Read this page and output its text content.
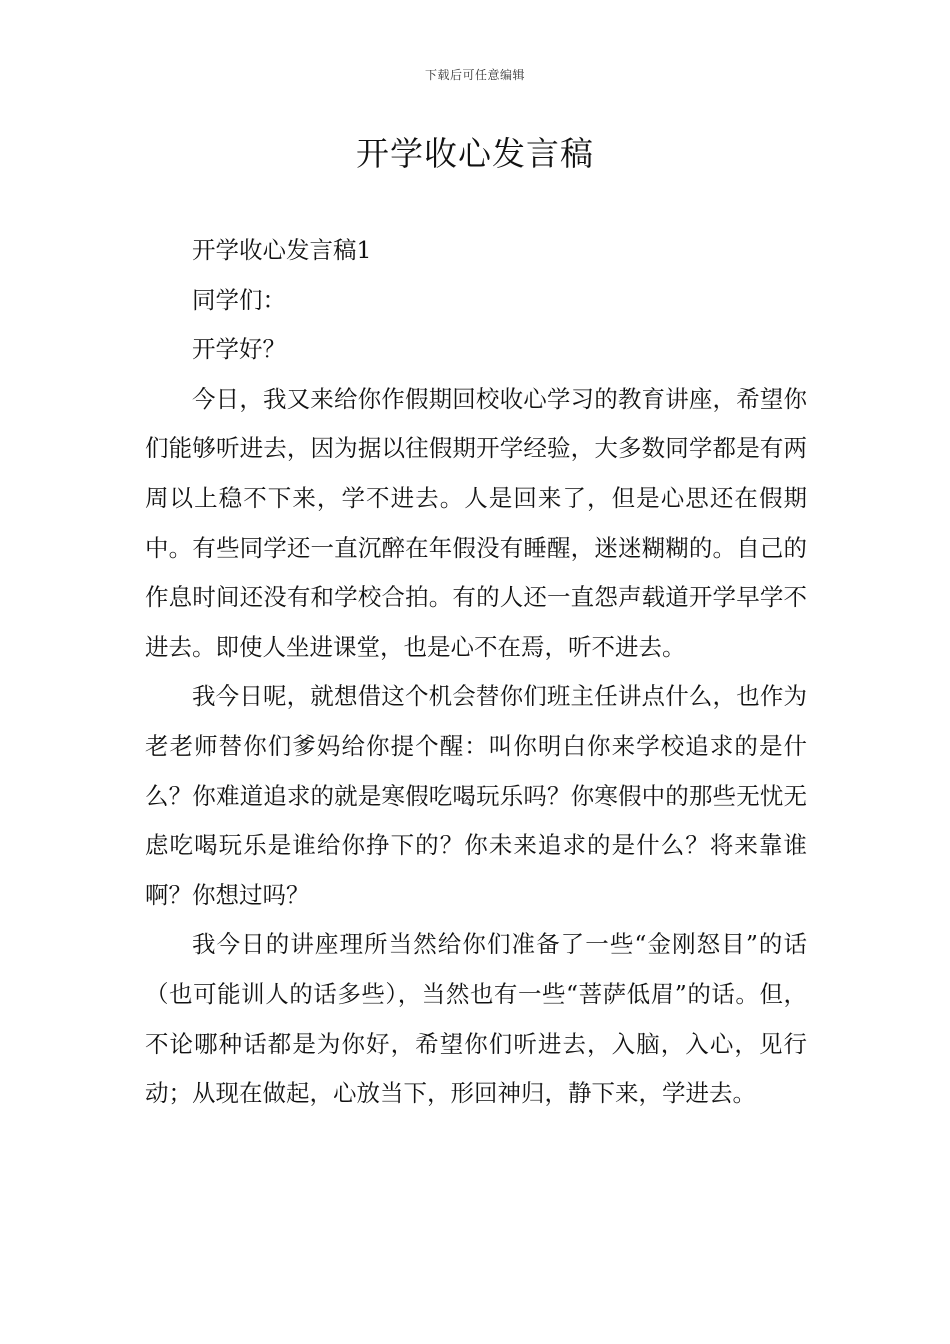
下载后可任意编辑
开学收心发言稿

开学收心发言稿1

同学们：

开学好？

今日，我又来给你作假期回校收心学习的教育讲座，希望你们能够听进去，因为据以往假期开学经验，大多数同学都是有两周以上稳不下来，学不进去。人是回来了，但是心思还在假期中。有些同学还一直沉醉在年假没有睡醒，迷迷糊糊的。自己的作息时间还没有和学校合拍。有的人还一直怨声载道开学早学不进去。即使人坐进课堂，也是心不在焉，听不进去。

我今日呢，就想借这个机会替你们班主任讲点什么，也作为老老师替你们爹妈给你提个醒：叫你明白你来学校追求的是什么？你难道追求的就是寒假吃喝玩乐吗？你寒假中的那些无忧无虑吃喝玩乐是谁给你挣下的？你未来追求的是什么？将来靠谁啊？你想过吗？

我今日的讲座理所当然给你们准备了一些“金刚怒目”的话（也可能训人的话多些），当然也有一些“菩萨低眉”的话。但，不论哪种话都是为你好，希望你们听进去，入脑，入心，见行动；从现在做起，心放当下，形回神归，静下来，学进去。
